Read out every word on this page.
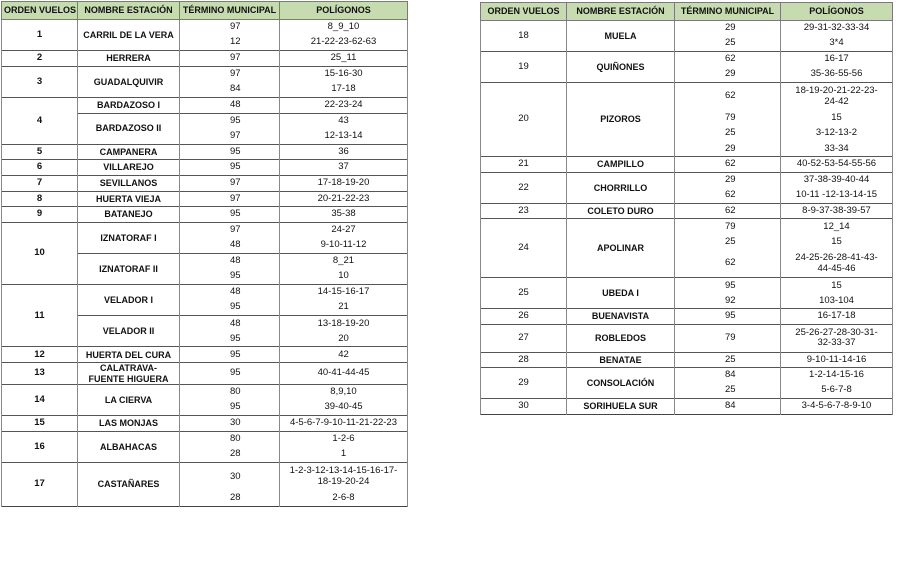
ORDEN VUELOS	NOMBRE ESTACIÓN	TÉRMINO MUNICIPAL	POLÍGONOS
1	CARRIL DE LA VERA	97	8_9_10
		12	21-22-23-62-63
2	HERRERA	97	25_11
3	GUADALQUIVIR	97	15-16-30
		84	17-18
4	BARDAZOSO I	48	22-23-24
	BARDAZOSO II	95	43
		97	12-13-14
5	CAMPANERA	95	36
6	VILLAREJO	95	37
7	SEVILLANOS	97	17-18-19-20
8	HUERTA VIEJA	97	20-21-22-23
9	BATANEJO	95	35-38
10	IZNATORAF I	97	24-27
		48	9-10-11-12
	IZNATORAF II	48	8_21
		95	10
11	VELADOR I	48	14-15-16-17
		95	21
	VELADOR II	48	13-18-19-20
		95	20
12	HUERTA DEL CURA	95	42
13	CALATRAVA-
FUENTE HIGUERA	95	40-41-44-45
14	LA CIERVA	80	8,9,10
		95	39-40-45
15	LAS MONJAS	30	4-5-6-7-9-10-11-21-22-23
16	ALBAHACAS	80	1-2-6
		28	1
17	CASTAÑARES	30	1-2-3-12-13-14-15-16-17-
18-19-20-24
		28	2-6-8
ORDEN VUELOS	NOMBRE ESTACIÓN	TÉRMINO MUNICIPAL	POLÍGONOS
18	MUELA	29	29-31-32-33-34
		25	3*4
19	QUIÑONES	62	16-17
		29	35-36-55-56
20	PIZOROS	62	18-19-20-21-22-23-
24-42
		79	15
		25	3-12-13-2
		29	33-34
21	CAMPILLO	62	40-52-53-54-55-56
22	CHORRILLO	29	37-38-39-40-44
		62	10-11 -12-13-14-15
23	COLETO DURO	62	8-9-37-38-39-57
24	APOLINAR	79	12_14
		25	15
		62	24-25-26-28-41-43-
44-45-46
25	UBEDA I	95	15
		92	103-104
26	BUENAVISTA	95	16-17-18
27	ROBLEDOS	79	25-26-27-28-30-31-
32-33-37
28	BENATAE	25	9-10-11-14-16
29	CONSOLACIÓN	84	1-2-14-15-16
		25	5-6-7-8
30	SORIHUELA SUR	84	3-4-5-6-7-8-9-10
